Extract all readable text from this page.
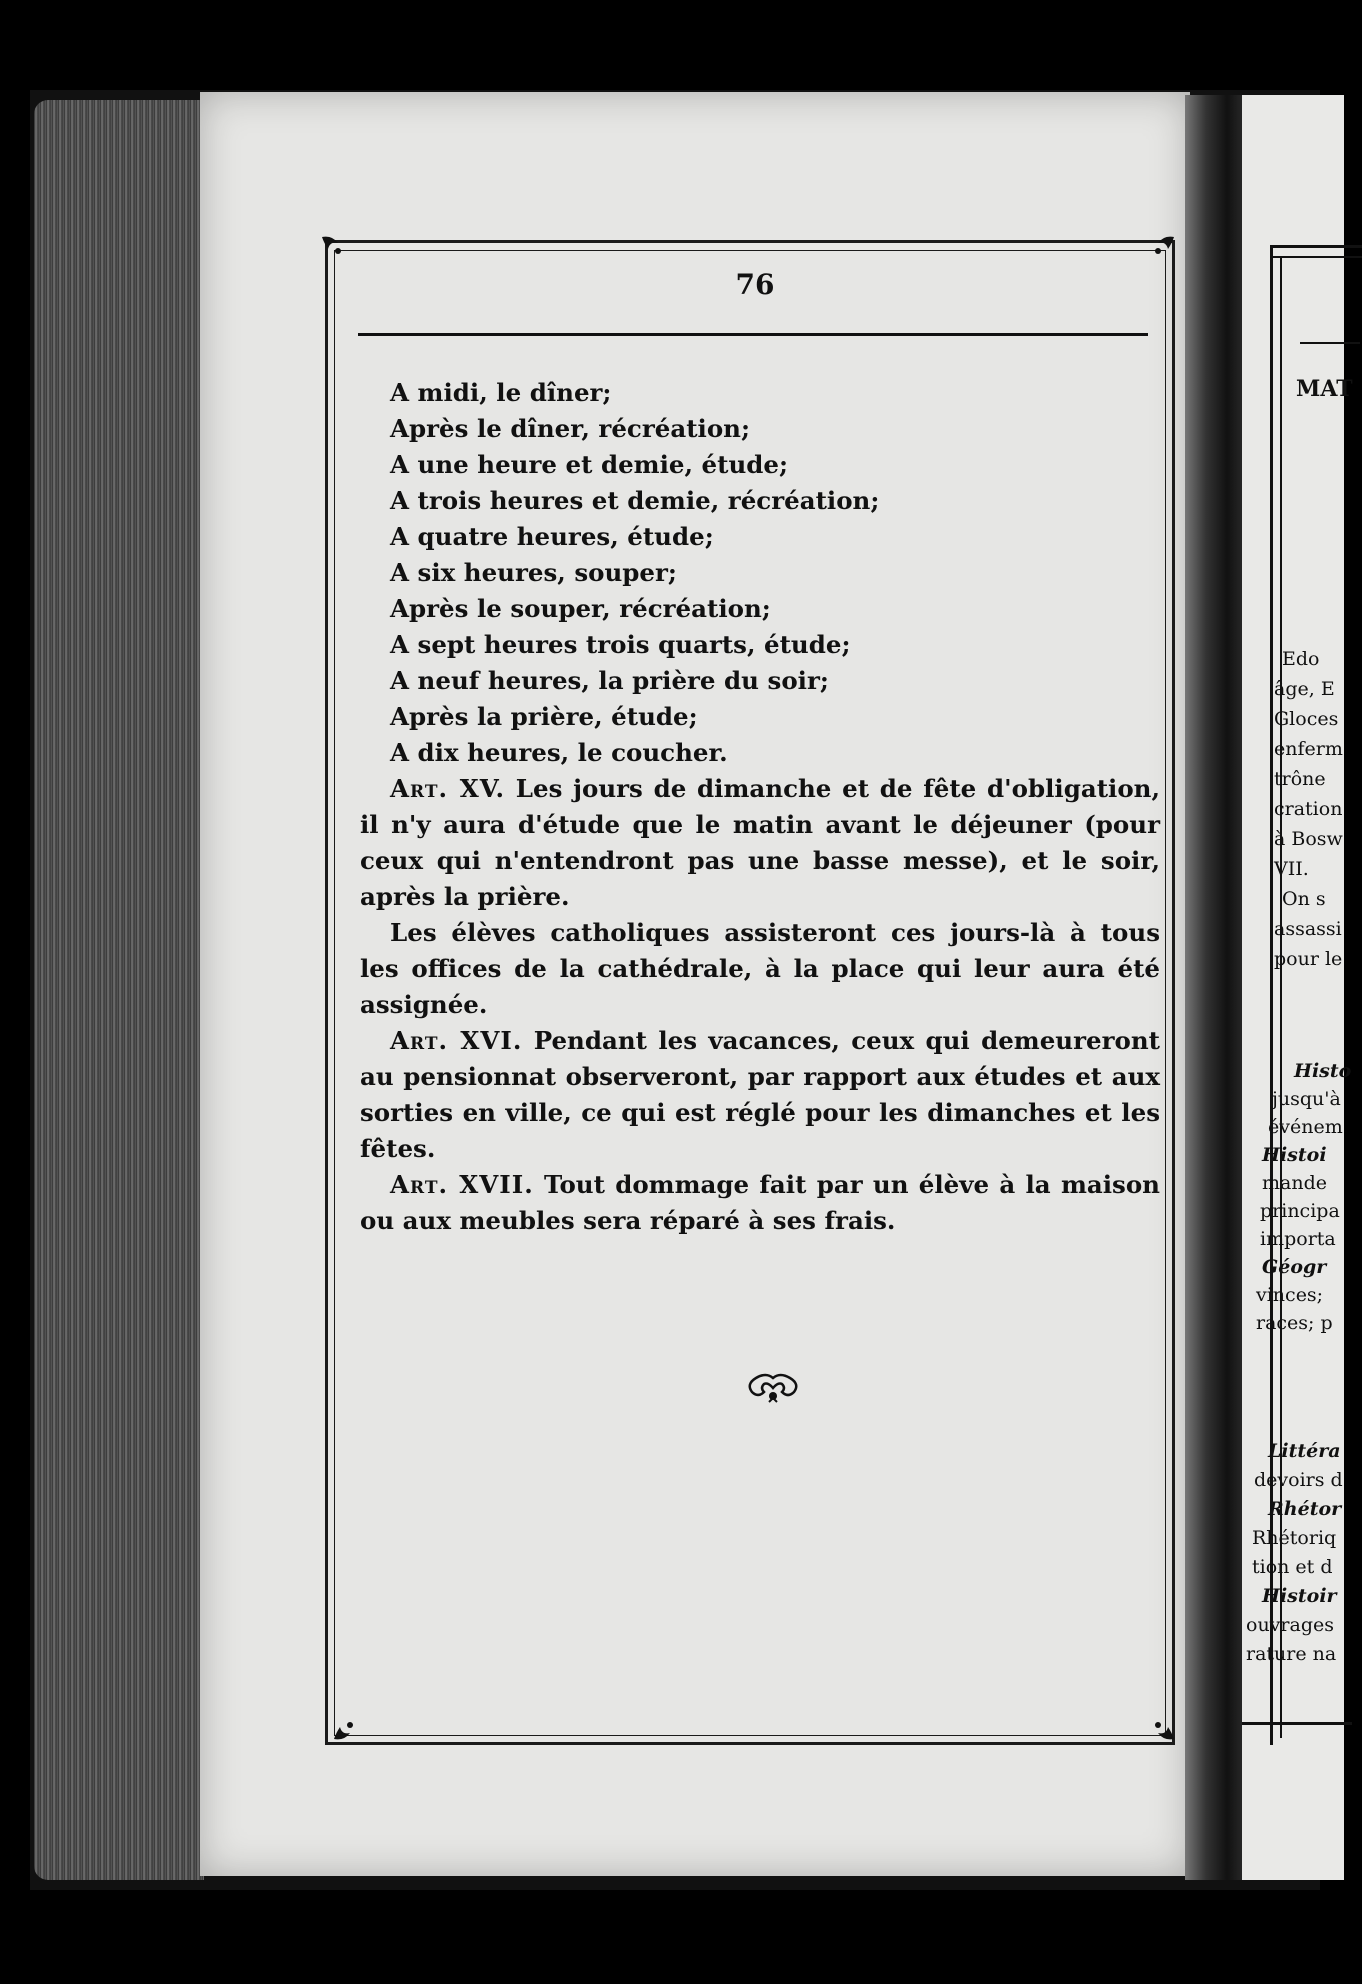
76
A midi, le dîner;
Après le dîner, récréation;
A une heure et demie, étude;
A trois heures et demie, récréation;
A quatre heures, étude;
A six heures, souper;
Après le souper, récréation;
A sept heures trois quarts, étude;
A neuf heures, la prière du soir;
Après la prière, étude;
A dix heures, le coucher.
Art. XV. Les jours de dimanche et de fête d'obligation, il n'y aura d'étude que le matin avant le déjeuner (pour ceux qui n'entendront pas une basse messe), et le soir, après la prière.
Les élèves catholiques assisteront ces jours-là à tous les offices de la cathédrale, à la place qui leur aura été assignée.
Art. XVI. Pendant les vacances, ceux qui demeureront au pensionnat observeront, par rapport aux études et aux sorties en ville, ce qui est réglé pour les dimanches et les fêtes.
Art. XVII. Tout dommage fait par un élève à la maison ou aux meubles sera réparé à ses frais.
MAT
Edo
âge, E
Gloces
enferm
trône
cration
à Bosw
VII.
On s
assassi
pour le
Histo
jusqu'à
événem
Histoi
mande
principa
importa
Géogr
vinces;
races; p
Littéra
devoirs d
Rhétor
Rhétoriq
tion et d
Histoir
ouvrages
rature na
